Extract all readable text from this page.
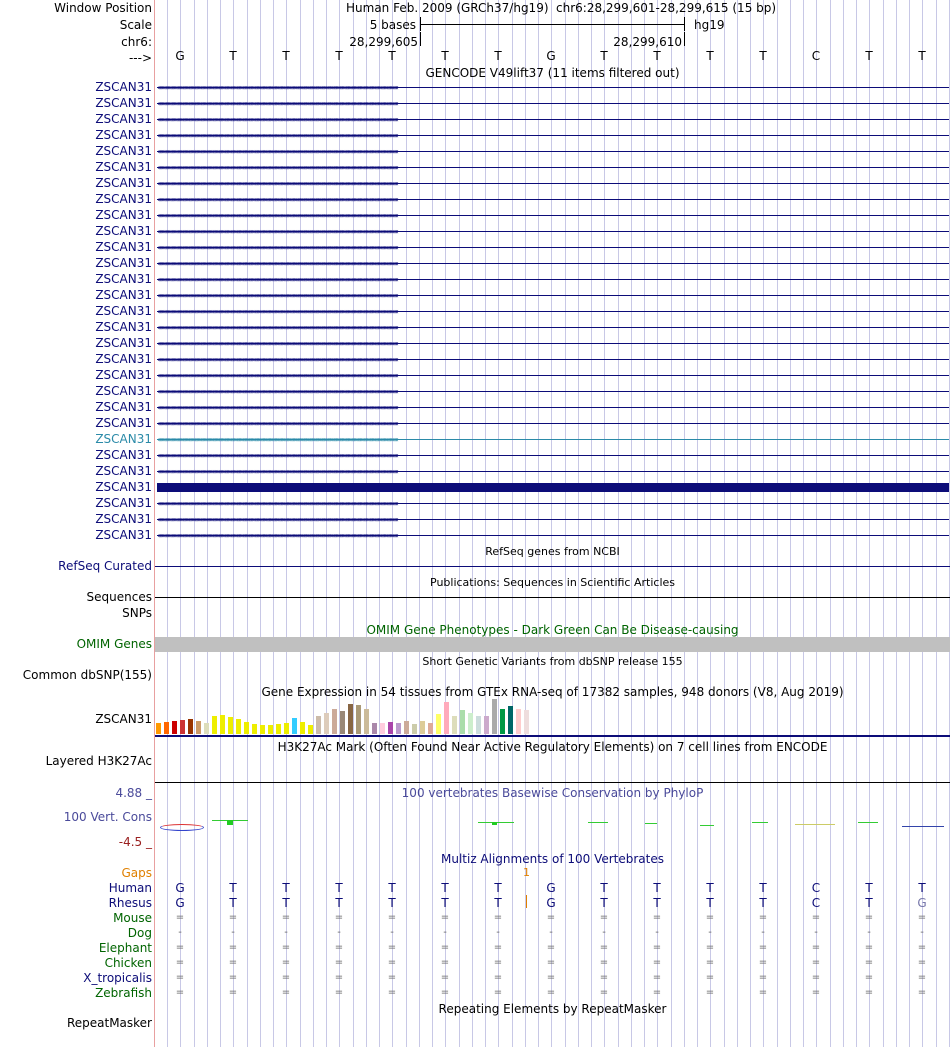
Window Position
Scale
chr6:
--->
Human Feb. 2009 (GRCh37/hg19) chr6:28,299,601-28,299,615 (15 bp)
5 bases	hg19
28,299,605	28,299,610
G	T	T	T	T	T	T	G	T	T	T	T	C	T	T
GENCODE V49lift37 (11 items filtered out)
ZSCAN31 ‹‹‹‹‹‹‹‹‹‹‹‹‹‹‹‹‹‹‹‹‹‹‹‹‹‹‹‹‹‹‹‹‹‹‹‹‹‹‹‹‹‹‹‹‹‹‹‹‹‹‹‹‹‹‹‹‹‹‹‹‹‹‹‹‹‹‹‹‹‹‹‹‹‹‹‹‹‹‹‹‹‹‹‹‹‹‹‹‹‹‹‹‹‹‹‹‹‹‹‹‹‹‹‹‹‹‹‹‹‹‹‹‹‹‹‹‹‹‹‹‹‹‹‹‹‹‹‹‹‹‹‹‹‹‹‹‹‹‹‹‹‹‹‹‹‹‹‹‹‹‹‹‹‹‹‹‹‹‹‹‹‹‹‹‹‹‹‹‹‹‹‹‹‹‹‹‹‹‹‹‹‹‹‹‹‹‹‹‹‹‹‹‹‹‹‹‹‹‹‹
ZSCAN31 ‹‹‹‹‹‹‹‹‹‹‹‹‹‹‹‹‹‹‹‹‹‹‹‹‹‹‹‹‹‹‹‹‹‹‹‹‹‹‹‹‹‹‹‹‹‹‹‹‹‹‹‹‹‹‹‹‹‹‹‹‹‹‹‹‹‹‹‹‹‹‹‹‹‹‹‹‹‹‹‹‹‹‹‹‹‹‹‹‹‹‹‹‹‹‹‹‹‹‹‹‹‹‹‹‹‹‹‹‹‹‹‹‹‹‹‹‹‹‹‹‹‹‹‹‹‹‹‹‹‹‹‹‹‹‹‹‹‹‹‹‹‹‹‹‹‹‹‹‹‹‹‹‹‹‹‹‹‹‹‹‹‹‹‹‹‹‹‹‹‹‹‹‹‹‹‹‹‹‹‹‹‹‹‹‹‹‹‹‹‹‹‹‹‹‹‹‹‹‹‹
ZSCAN31 ‹‹‹‹‹‹‹‹‹‹‹‹‹‹‹‹‹‹‹‹‹‹‹‹‹‹‹‹‹‹‹‹‹‹‹‹‹‹‹‹‹‹‹‹‹‹‹‹‹‹‹‹‹‹‹‹‹‹‹‹‹‹‹‹‹‹‹‹‹‹‹‹‹‹‹‹‹‹‹‹‹‹‹‹‹‹‹‹‹‹‹‹‹‹‹‹‹‹‹‹‹‹‹‹‹‹‹‹‹‹‹‹‹‹‹‹‹‹‹‹‹‹‹‹‹‹‹‹‹‹‹‹‹‹‹‹‹‹‹‹‹‹‹‹‹‹‹‹‹‹‹‹‹‹‹‹‹‹‹‹‹‹‹‹‹‹‹‹‹‹‹‹‹‹‹‹‹‹‹‹‹‹‹‹‹‹‹‹‹‹‹‹‹‹‹‹‹‹‹‹
ZSCAN31 ‹‹‹‹‹‹‹‹‹‹‹‹‹‹‹‹‹‹‹‹‹‹‹‹‹‹‹‹‹‹‹‹‹‹‹‹‹‹‹‹‹‹‹‹‹‹‹‹‹‹‹‹‹‹‹‹‹‹‹‹‹‹‹‹‹‹‹‹‹‹‹‹‹‹‹‹‹‹‹‹‹‹‹‹‹‹‹‹‹‹‹‹‹‹‹‹‹‹‹‹‹‹‹‹‹‹‹‹‹‹‹‹‹‹‹‹‹‹‹‹‹‹‹‹‹‹‹‹‹‹‹‹‹‹‹‹‹‹‹‹‹‹‹‹‹‹‹‹‹‹‹‹‹‹‹‹‹‹‹‹‹‹‹‹‹‹‹‹‹‹‹‹‹‹‹‹‹‹‹‹‹‹‹‹‹‹‹‹‹‹‹‹‹‹‹‹‹‹‹‹
ZSCAN31 ‹‹‹‹‹‹‹‹‹‹‹‹‹‹‹‹‹‹‹‹‹‹‹‹‹‹‹‹‹‹‹‹‹‹‹‹‹‹‹‹‹‹‹‹‹‹‹‹‹‹‹‹‹‹‹‹‹‹‹‹‹‹‹‹‹‹‹‹‹‹‹‹‹‹‹‹‹‹‹‹‹‹‹‹‹‹‹‹‹‹‹‹‹‹‹‹‹‹‹‹‹‹‹‹‹‹‹‹‹‹‹‹‹‹‹‹‹‹‹‹‹‹‹‹‹‹‹‹‹‹‹‹‹‹‹‹‹‹‹‹‹‹‹‹‹‹‹‹‹‹‹‹‹‹‹‹‹‹‹‹‹‹‹‹‹‹‹‹‹‹‹‹‹‹‹‹‹‹‹‹‹‹‹‹‹‹‹‹‹‹‹‹‹‹‹‹‹‹‹‹
ZSCAN31 ‹‹‹‹‹‹‹‹‹‹‹‹‹‹‹‹‹‹‹‹‹‹‹‹‹‹‹‹‹‹‹‹‹‹‹‹‹‹‹‹‹‹‹‹‹‹‹‹‹‹‹‹‹‹‹‹‹‹‹‹‹‹‹‹‹‹‹‹‹‹‹‹‹‹‹‹‹‹‹‹‹‹‹‹‹‹‹‹‹‹‹‹‹‹‹‹‹‹‹‹‹‹‹‹‹‹‹‹‹‹‹‹‹‹‹‹‹‹‹‹‹‹‹‹‹‹‹‹‹‹‹‹‹‹‹‹‹‹‹‹‹‹‹‹‹‹‹‹‹‹‹‹‹‹‹‹‹‹‹‹‹‹‹‹‹‹‹‹‹‹‹‹‹‹‹‹‹‹‹‹‹‹‹‹‹‹‹‹‹‹‹‹‹‹‹‹‹‹‹‹
ZSCAN31 ‹‹‹‹‹‹‹‹‹‹‹‹‹‹‹‹‹‹‹‹‹‹‹‹‹‹‹‹‹‹‹‹‹‹‹‹‹‹‹‹‹‹‹‹‹‹‹‹‹‹‹‹‹‹‹‹‹‹‹‹‹‹‹‹‹‹‹‹‹‹‹‹‹‹‹‹‹‹‹‹‹‹‹‹‹‹‹‹‹‹‹‹‹‹‹‹‹‹‹‹‹‹‹‹‹‹‹‹‹‹‹‹‹‹‹‹‹‹‹‹‹‹‹‹‹‹‹‹‹‹‹‹‹‹‹‹‹‹‹‹‹‹‹‹‹‹‹‹‹‹‹‹‹‹‹‹‹‹‹‹‹‹‹‹‹‹‹‹‹‹‹‹‹‹‹‹‹‹‹‹‹‹‹‹‹‹‹‹‹‹‹‹‹‹‹‹‹‹‹‹
ZSCAN31 ‹‹‹‹‹‹‹‹‹‹‹‹‹‹‹‹‹‹‹‹‹‹‹‹‹‹‹‹‹‹‹‹‹‹‹‹‹‹‹‹‹‹‹‹‹‹‹‹‹‹‹‹‹‹‹‹‹‹‹‹‹‹‹‹‹‹‹‹‹‹‹‹‹‹‹‹‹‹‹‹‹‹‹‹‹‹‹‹‹‹‹‹‹‹‹‹‹‹‹‹‹‹‹‹‹‹‹‹‹‹‹‹‹‹‹‹‹‹‹‹‹‹‹‹‹‹‹‹‹‹‹‹‹‹‹‹‹‹‹‹‹‹‹‹‹‹‹‹‹‹‹‹‹‹‹‹‹‹‹‹‹‹‹‹‹‹‹‹‹‹‹‹‹‹‹‹‹‹‹‹‹‹‹‹‹‹‹‹‹‹‹‹‹‹‹‹‹‹‹‹
ZSCAN31 ‹‹‹‹‹‹‹‹‹‹‹‹‹‹‹‹‹‹‹‹‹‹‹‹‹‹‹‹‹‹‹‹‹‹‹‹‹‹‹‹‹‹‹‹‹‹‹‹‹‹‹‹‹‹‹‹‹‹‹‹‹‹‹‹‹‹‹‹‹‹‹‹‹‹‹‹‹‹‹‹‹‹‹‹‹‹‹‹‹‹‹‹‹‹‹‹‹‹‹‹‹‹‹‹‹‹‹‹‹‹‹‹‹‹‹‹‹‹‹‹‹‹‹‹‹‹‹‹‹‹‹‹‹‹‹‹‹‹‹‹‹‹‹‹‹‹‹‹‹‹‹‹‹‹‹‹‹‹‹‹‹‹‹‹‹‹‹‹‹‹‹‹‹‹‹‹‹‹‹‹‹‹‹‹‹‹‹‹‹‹‹‹‹‹‹‹‹‹‹‹
ZSCAN31 ‹‹‹‹‹‹‹‹‹‹‹‹‹‹‹‹‹‹‹‹‹‹‹‹‹‹‹‹‹‹‹‹‹‹‹‹‹‹‹‹‹‹‹‹‹‹‹‹‹‹‹‹‹‹‹‹‹‹‹‹‹‹‹‹‹‹‹‹‹‹‹‹‹‹‹‹‹‹‹‹‹‹‹‹‹‹‹‹‹‹‹‹‹‹‹‹‹‹‹‹‹‹‹‹‹‹‹‹‹‹‹‹‹‹‹‹‹‹‹‹‹‹‹‹‹‹‹‹‹‹‹‹‹‹‹‹‹‹‹‹‹‹‹‹‹‹‹‹‹‹‹‹‹‹‹‹‹‹‹‹‹‹‹‹‹‹‹‹‹‹‹‹‹‹‹‹‹‹‹‹‹‹‹‹‹‹‹‹‹‹‹‹‹‹‹‹‹‹‹‹
ZSCAN31 ‹‹‹‹‹‹‹‹‹‹‹‹‹‹‹‹‹‹‹‹‹‹‹‹‹‹‹‹‹‹‹‹‹‹‹‹‹‹‹‹‹‹‹‹‹‹‹‹‹‹‹‹‹‹‹‹‹‹‹‹‹‹‹‹‹‹‹‹‹‹‹‹‹‹‹‹‹‹‹‹‹‹‹‹‹‹‹‹‹‹‹‹‹‹‹‹‹‹‹‹‹‹‹‹‹‹‹‹‹‹‹‹‹‹‹‹‹‹‹‹‹‹‹‹‹‹‹‹‹‹‹‹‹‹‹‹‹‹‹‹‹‹‹‹‹‹‹‹‹‹‹‹‹‹‹‹‹‹‹‹‹‹‹‹‹‹‹‹‹‹‹‹‹‹‹‹‹‹‹‹‹‹‹‹‹‹‹‹‹‹‹‹‹‹‹‹‹‹‹‹
ZSCAN31 ‹‹‹‹‹‹‹‹‹‹‹‹‹‹‹‹‹‹‹‹‹‹‹‹‹‹‹‹‹‹‹‹‹‹‹‹‹‹‹‹‹‹‹‹‹‹‹‹‹‹‹‹‹‹‹‹‹‹‹‹‹‹‹‹‹‹‹‹‹‹‹‹‹‹‹‹‹‹‹‹‹‹‹‹‹‹‹‹‹‹‹‹‹‹‹‹‹‹‹‹‹‹‹‹‹‹‹‹‹‹‹‹‹‹‹‹‹‹‹‹‹‹‹‹‹‹‹‹‹‹‹‹‹‹‹‹‹‹‹‹‹‹‹‹‹‹‹‹‹‹‹‹‹‹‹‹‹‹‹‹‹‹‹‹‹‹‹‹‹‹‹‹‹‹‹‹‹‹‹‹‹‹‹‹‹‹‹‹‹‹‹‹‹‹‹‹‹‹‹‹
ZSCAN31 ‹‹‹‹‹‹‹‹‹‹‹‹‹‹‹‹‹‹‹‹‹‹‹‹‹‹‹‹‹‹‹‹‹‹‹‹‹‹‹‹‹‹‹‹‹‹‹‹‹‹‹‹‹‹‹‹‹‹‹‹‹‹‹‹‹‹‹‹‹‹‹‹‹‹‹‹‹‹‹‹‹‹‹‹‹‹‹‹‹‹‹‹‹‹‹‹‹‹‹‹‹‹‹‹‹‹‹‹‹‹‹‹‹‹‹‹‹‹‹‹‹‹‹‹‹‹‹‹‹‹‹‹‹‹‹‹‹‹‹‹‹‹‹‹‹‹‹‹‹‹‹‹‹‹‹‹‹‹‹‹‹‹‹‹‹‹‹‹‹‹‹‹‹‹‹‹‹‹‹‹‹‹‹‹‹‹‹‹‹‹‹‹‹‹‹‹‹‹‹‹
ZSCAN31 ‹‹‹‹‹‹‹‹‹‹‹‹‹‹‹‹‹‹‹‹‹‹‹‹‹‹‹‹‹‹‹‹‹‹‹‹‹‹‹‹‹‹‹‹‹‹‹‹‹‹‹‹‹‹‹‹‹‹‹‹‹‹‹‹‹‹‹‹‹‹‹‹‹‹‹‹‹‹‹‹‹‹‹‹‹‹‹‹‹‹‹‹‹‹‹‹‹‹‹‹‹‹‹‹‹‹‹‹‹‹‹‹‹‹‹‹‹‹‹‹‹‹‹‹‹‹‹‹‹‹‹‹‹‹‹‹‹‹‹‹‹‹‹‹‹‹‹‹‹‹‹‹‹‹‹‹‹‹‹‹‹‹‹‹‹‹‹‹‹‹‹‹‹‹‹‹‹‹‹‹‹‹‹‹‹‹‹‹‹‹‹‹‹‹‹‹‹‹‹‹
ZSCAN31 ‹‹‹‹‹‹‹‹‹‹‹‹‹‹‹‹‹‹‹‹‹‹‹‹‹‹‹‹‹‹‹‹‹‹‹‹‹‹‹‹‹‹‹‹‹‹‹‹‹‹‹‹‹‹‹‹‹‹‹‹‹‹‹‹‹‹‹‹‹‹‹‹‹‹‹‹‹‹‹‹‹‹‹‹‹‹‹‹‹‹‹‹‹‹‹‹‹‹‹‹‹‹‹‹‹‹‹‹‹‹‹‹‹‹‹‹‹‹‹‹‹‹‹‹‹‹‹‹‹‹‹‹‹‹‹‹‹‹‹‹‹‹‹‹‹‹‹‹‹‹‹‹‹‹‹‹‹‹‹‹‹‹‹‹‹‹‹‹‹‹‹‹‹‹‹‹‹‹‹‹‹‹‹‹‹‹‹‹‹‹‹‹‹‹‹‹‹‹‹‹
ZSCAN31 ‹‹‹‹‹‹‹‹‹‹‹‹‹‹‹‹‹‹‹‹‹‹‹‹‹‹‹‹‹‹‹‹‹‹‹‹‹‹‹‹‹‹‹‹‹‹‹‹‹‹‹‹‹‹‹‹‹‹‹‹‹‹‹‹‹‹‹‹‹‹‹‹‹‹‹‹‹‹‹‹‹‹‹‹‹‹‹‹‹‹‹‹‹‹‹‹‹‹‹‹‹‹‹‹‹‹‹‹‹‹‹‹‹‹‹‹‹‹‹‹‹‹‹‹‹‹‹‹‹‹‹‹‹‹‹‹‹‹‹‹‹‹‹‹‹‹‹‹‹‹‹‹‹‹‹‹‹‹‹‹‹‹‹‹‹‹‹‹‹‹‹‹‹‹‹‹‹‹‹‹‹‹‹‹‹‹‹‹‹‹‹‹‹‹‹‹‹‹‹‹
ZSCAN31 ‹‹‹‹‹‹‹‹‹‹‹‹‹‹‹‹‹‹‹‹‹‹‹‹‹‹‹‹‹‹‹‹‹‹‹‹‹‹‹‹‹‹‹‹‹‹‹‹‹‹‹‹‹‹‹‹‹‹‹‹‹‹‹‹‹‹‹‹‹‹‹‹‹‹‹‹‹‹‹‹‹‹‹‹‹‹‹‹‹‹‹‹‹‹‹‹‹‹‹‹‹‹‹‹‹‹‹‹‹‹‹‹‹‹‹‹‹‹‹‹‹‹‹‹‹‹‹‹‹‹‹‹‹‹‹‹‹‹‹‹‹‹‹‹‹‹‹‹‹‹‹‹‹‹‹‹‹‹‹‹‹‹‹‹‹‹‹‹‹‹‹‹‹‹‹‹‹‹‹‹‹‹‹‹‹‹‹‹‹‹‹‹‹‹‹‹‹‹‹‹
ZSCAN31 ‹‹‹‹‹‹‹‹‹‹‹‹‹‹‹‹‹‹‹‹‹‹‹‹‹‹‹‹‹‹‹‹‹‹‹‹‹‹‹‹‹‹‹‹‹‹‹‹‹‹‹‹‹‹‹‹‹‹‹‹‹‹‹‹‹‹‹‹‹‹‹‹‹‹‹‹‹‹‹‹‹‹‹‹‹‹‹‹‹‹‹‹‹‹‹‹‹‹‹‹‹‹‹‹‹‹‹‹‹‹‹‹‹‹‹‹‹‹‹‹‹‹‹‹‹‹‹‹‹‹‹‹‹‹‹‹‹‹‹‹‹‹‹‹‹‹‹‹‹‹‹‹‹‹‹‹‹‹‹‹‹‹‹‹‹‹‹‹‹‹‹‹‹‹‹‹‹‹‹‹‹‹‹‹‹‹‹‹‹‹‹‹‹‹‹‹‹‹‹‹
ZSCAN31 ‹‹‹‹‹‹‹‹‹‹‹‹‹‹‹‹‹‹‹‹‹‹‹‹‹‹‹‹‹‹‹‹‹‹‹‹‹‹‹‹‹‹‹‹‹‹‹‹‹‹‹‹‹‹‹‹‹‹‹‹‹‹‹‹‹‹‹‹‹‹‹‹‹‹‹‹‹‹‹‹‹‹‹‹‹‹‹‹‹‹‹‹‹‹‹‹‹‹‹‹‹‹‹‹‹‹‹‹‹‹‹‹‹‹‹‹‹‹‹‹‹‹‹‹‹‹‹‹‹‹‹‹‹‹‹‹‹‹‹‹‹‹‹‹‹‹‹‹‹‹‹‹‹‹‹‹‹‹‹‹‹‹‹‹‹‹‹‹‹‹‹‹‹‹‹‹‹‹‹‹‹‹‹‹‹‹‹‹‹‹‹‹‹‹‹‹‹‹‹‹
ZSCAN31 ‹‹‹‹‹‹‹‹‹‹‹‹‹‹‹‹‹‹‹‹‹‹‹‹‹‹‹‹‹‹‹‹‹‹‹‹‹‹‹‹‹‹‹‹‹‹‹‹‹‹‹‹‹‹‹‹‹‹‹‹‹‹‹‹‹‹‹‹‹‹‹‹‹‹‹‹‹‹‹‹‹‹‹‹‹‹‹‹‹‹‹‹‹‹‹‹‹‹‹‹‹‹‹‹‹‹‹‹‹‹‹‹‹‹‹‹‹‹‹‹‹‹‹‹‹‹‹‹‹‹‹‹‹‹‹‹‹‹‹‹‹‹‹‹‹‹‹‹‹‹‹‹‹‹‹‹‹‹‹‹‹‹‹‹‹‹‹‹‹‹‹‹‹‹‹‹‹‹‹‹‹‹‹‹‹‹‹‹‹‹‹‹‹‹‹‹‹‹‹‹
ZSCAN31 ‹‹‹‹‹‹‹‹‹‹‹‹‹‹‹‹‹‹‹‹‹‹‹‹‹‹‹‹‹‹‹‹‹‹‹‹‹‹‹‹‹‹‹‹‹‹‹‹‹‹‹‹‹‹‹‹‹‹‹‹‹‹‹‹‹‹‹‹‹‹‹‹‹‹‹‹‹‹‹‹‹‹‹‹‹‹‹‹‹‹‹‹‹‹‹‹‹‹‹‹‹‹‹‹‹‹‹‹‹‹‹‹‹‹‹‹‹‹‹‹‹‹‹‹‹‹‹‹‹‹‹‹‹‹‹‹‹‹‹‹‹‹‹‹‹‹‹‹‹‹‹‹‹‹‹‹‹‹‹‹‹‹‹‹‹‹‹‹‹‹‹‹‹‹‹‹‹‹‹‹‹‹‹‹‹‹‹‹‹‹‹‹‹‹‹‹‹‹‹‹
ZSCAN31 ‹‹‹‹‹‹‹‹‹‹‹‹‹‹‹‹‹‹‹‹‹‹‹‹‹‹‹‹‹‹‹‹‹‹‹‹‹‹‹‹‹‹‹‹‹‹‹‹‹‹‹‹‹‹‹‹‹‹‹‹‹‹‹‹‹‹‹‹‹‹‹‹‹‹‹‹‹‹‹‹‹‹‹‹‹‹‹‹‹‹‹‹‹‹‹‹‹‹‹‹‹‹‹‹‹‹‹‹‹‹‹‹‹‹‹‹‹‹‹‹‹‹‹‹‹‹‹‹‹‹‹‹‹‹‹‹‹‹‹‹‹‹‹‹‹‹‹‹‹‹‹‹‹‹‹‹‹‹‹‹‹‹‹‹‹‹‹‹‹‹‹‹‹‹‹‹‹‹‹‹‹‹‹‹‹‹‹‹‹‹‹‹‹‹‹‹‹‹‹‹
ZSCAN31 ‹‹‹‹‹‹‹‹‹‹‹‹‹‹‹‹‹‹‹‹‹‹‹‹‹‹‹‹‹‹‹‹‹‹‹‹‹‹‹‹‹‹‹‹‹‹‹‹‹‹‹‹‹‹‹‹‹‹‹‹‹‹‹‹‹‹‹‹‹‹‹‹‹‹‹‹‹‹‹‹‹‹‹‹‹‹‹‹‹‹‹‹‹‹‹‹‹‹‹‹‹‹‹‹‹‹‹‹‹‹‹‹‹‹‹‹‹‹‹‹‹‹‹‹‹‹‹‹‹‹‹‹‹‹‹‹‹‹‹‹‹‹‹‹‹‹‹‹‹‹‹‹‹‹‹‹‹‹‹‹‹‹‹‹‹‹‹‹‹‹‹‹‹‹‹‹‹‹‹‹‹‹‹‹‹‹‹‹‹‹‹‹‹‹‹‹‹‹‹‹
ZSCAN31 ‹‹‹‹‹‹‹‹‹‹‹‹‹‹‹‹‹‹‹‹‹‹‹‹‹‹‹‹‹‹‹‹‹‹‹‹‹‹‹‹‹‹‹‹‹‹‹‹‹‹‹‹‹‹‹‹‹‹‹‹‹‹‹‹‹‹‹‹‹‹‹‹‹‹‹‹‹‹‹‹‹‹‹‹‹‹‹‹‹‹‹‹‹‹‹‹‹‹‹‹‹‹‹‹‹‹‹‹‹‹‹‹‹‹‹‹‹‹‹‹‹‹‹‹‹‹‹‹‹‹‹‹‹‹‹‹‹‹‹‹‹‹‹‹‹‹‹‹‹‹‹‹‹‹‹‹‹‹‹‹‹‹‹‹‹‹‹‹‹‹‹‹‹‹‹‹‹‹‹‹‹‹‹‹‹‹‹‹‹‹‹‹‹‹‹‹‹‹‹‹
ZSCAN31 ‹‹‹‹‹‹‹‹‹‹‹‹‹‹‹‹‹‹‹‹‹‹‹‹‹‹‹‹‹‹‹‹‹‹‹‹‹‹‹‹‹‹‹‹‹‹‹‹‹‹‹‹‹‹‹‹‹‹‹‹‹‹‹‹‹‹‹‹‹‹‹‹‹‹‹‹‹‹‹‹‹‹‹‹‹‹‹‹‹‹‹‹‹‹‹‹‹‹‹‹‹‹‹‹‹‹‹‹‹‹‹‹‹‹‹‹‹‹‹‹‹‹‹‹‹‹‹‹‹‹‹‹‹‹‹‹‹‹‹‹‹‹‹‹‹‹‹‹‹‹‹‹‹‹‹‹‹‹‹‹‹‹‹‹‹‹‹‹‹‹‹‹‹‹‹‹‹‹‹‹‹‹‹‹‹‹‹‹‹‹‹‹‹‹‹‹‹‹‹‹
ZSCAN31
ZSCAN31 ‹‹‹‹‹‹‹‹‹‹‹‹‹‹‹‹‹‹‹‹‹‹‹‹‹‹‹‹‹‹‹‹‹‹‹‹‹‹‹‹‹‹‹‹‹‹‹‹‹‹‹‹‹‹‹‹‹‹‹‹‹‹‹‹‹‹‹‹‹‹‹‹‹‹‹‹‹‹‹‹‹‹‹‹‹‹‹‹‹‹‹‹‹‹‹‹‹‹‹‹‹‹‹‹‹‹‹‹‹‹‹‹‹‹‹‹‹‹‹‹‹‹‹‹‹‹‹‹‹‹‹‹‹‹‹‹‹‹‹‹‹‹‹‹‹‹‹‹‹‹‹‹‹‹‹‹‹‹‹‹‹‹‹‹‹‹‹‹‹‹‹‹‹‹‹‹‹‹‹‹‹‹‹‹‹‹‹‹‹‹‹‹‹‹‹‹‹‹‹‹
ZSCAN31 ‹‹‹‹‹‹‹‹‹‹‹‹‹‹‹‹‹‹‹‹‹‹‹‹‹‹‹‹‹‹‹‹‹‹‹‹‹‹‹‹‹‹‹‹‹‹‹‹‹‹‹‹‹‹‹‹‹‹‹‹‹‹‹‹‹‹‹‹‹‹‹‹‹‹‹‹‹‹‹‹‹‹‹‹‹‹‹‹‹‹‹‹‹‹‹‹‹‹‹‹‹‹‹‹‹‹‹‹‹‹‹‹‹‹‹‹‹‹‹‹‹‹‹‹‹‹‹‹‹‹‹‹‹‹‹‹‹‹‹‹‹‹‹‹‹‹‹‹‹‹‹‹‹‹‹‹‹‹‹‹‹‹‹‹‹‹‹‹‹‹‹‹‹‹‹‹‹‹‹‹‹‹‹‹‹‹‹‹‹‹‹‹‹‹‹‹‹‹‹‹
ZSCAN31 ‹‹‹‹‹‹‹‹‹‹‹‹‹‹‹‹‹‹‹‹‹‹‹‹‹‹‹‹‹‹‹‹‹‹‹‹‹‹‹‹‹‹‹‹‹‹‹‹‹‹‹‹‹‹‹‹‹‹‹‹‹‹‹‹‹‹‹‹‹‹‹‹‹‹‹‹‹‹‹‹‹‹‹‹‹‹‹‹‹‹‹‹‹‹‹‹‹‹‹‹‹‹‹‹‹‹‹‹‹‹‹‹‹‹‹‹‹‹‹‹‹‹‹‹‹‹‹‹‹‹‹‹‹‹‹‹‹‹‹‹‹‹‹‹‹‹‹‹‹‹‹‹‹‹‹‹‹‹‹‹‹‹‹‹‹‹‹‹‹‹‹‹‹‹‹‹‹‹‹‹‹‹‹‹‹‹‹‹‹‹‹‹‹‹‹‹‹‹‹‹
RefSeq genes from NCBI
RefSeq Curated
Publications: Sequences in Scientific Articles
Sequences
SNPs
OMIM Gene Phenotypes - Dark Green Can Be Disease-causing
OMIM Genes
Short Genetic Variants from dbSNP release 155
Common dbSNP(155)
Gene Expression in 54 tissues from GTEx RNA-seq of 17382 samples, 948 donors (V8, Aug 2019)
ZSCAN31
H3K27Ac Mark (Often Found Near Active Regulatory Elements) on 7 cell lines from ENCODE
Layered H3K27Ac
100 vertebrates Basewise Conservation by PhyloP
4.88 _
100 Vert. Cons
-4.5 _
Multiz Alignments of 100 Vertebrates
Gaps	1
Human	G	T	T	T	T	T	T	G	T	T	T	T	C	T	T
Rhesus	G	T	T	T	T	T	T	G	T	T	T	T	C	T	G
Mouse	=	=	=	=	=	=	=	=	=	=	=	=	=	=	=
Dog	-	-	-	-	-	-	-	-	-	-	-	-	-	-	-
Elephant	=	=	=	=	=	=	=	=	=	=	=	=	=	=	=
Chicken	=	=	=	=	=	=	=	=	=	=	=	=	=	=	=
X_tropicalis	=	=	=	=	=	=	=	=	=	=	=	=	=	=	=
Zebrafish	=	=	=	=	=	=	=	=	=	=	=	=	=	=	=
Repeating Elements by RepeatMasker
RepeatMasker
